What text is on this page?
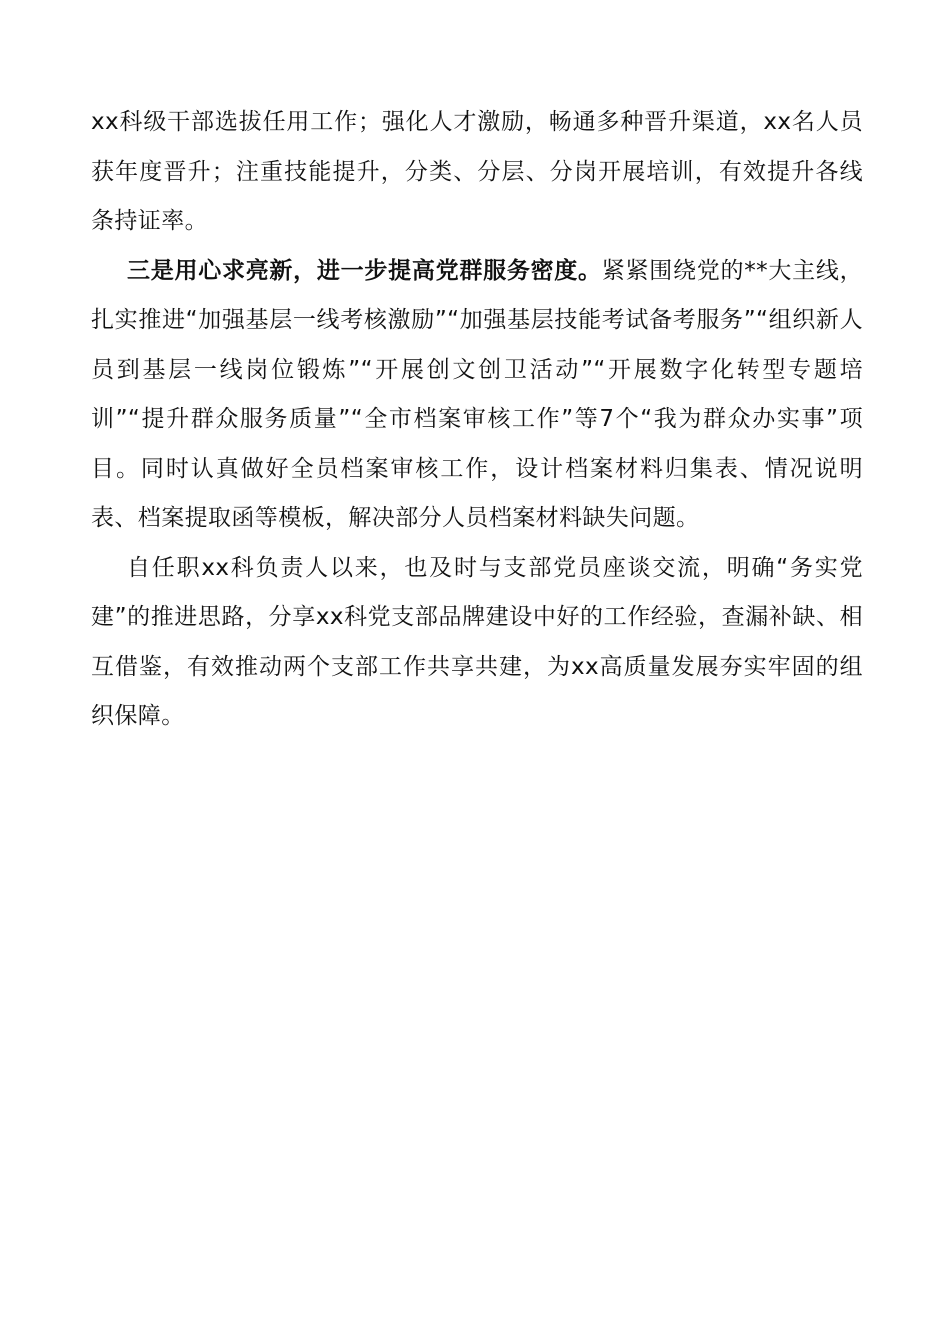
xx科级干部选拔任用工作；强化人才激励，畅通多种晋升渠道，xx名人员获年度晋升；注重技能提升，分类、分层、分岗开展培训，有效提升各线条持证率。

三是用心求亮新，进一步提高党群服务密度。紧紧围绕党的**大主线，扎实推进“加强基层一线考核激励”“加强基层技能考试备考服务”“组织新人员到基层一线岗位锻炼”“开展创文创卫活动”“开展数字化转型专题培训”“提升群众服务质量”“全市档案审核工作”等7个“我为群众办实事”项目。同时认真做好全员档案审核工作，设计档案材料归集表、情况说明表、档案提取函等模板，解决部分人员档案材料缺失问题。

自任职xx科负责人以来，也及时与支部党员座谈交流，明确“务实党建”的推进思路，分享xx科党支部品牌建设中好的工作经验，查漏补缺、相互借鉴，有效推动两个支部工作共享共建，为xx高质量发展夯实牢固的组织保障。
